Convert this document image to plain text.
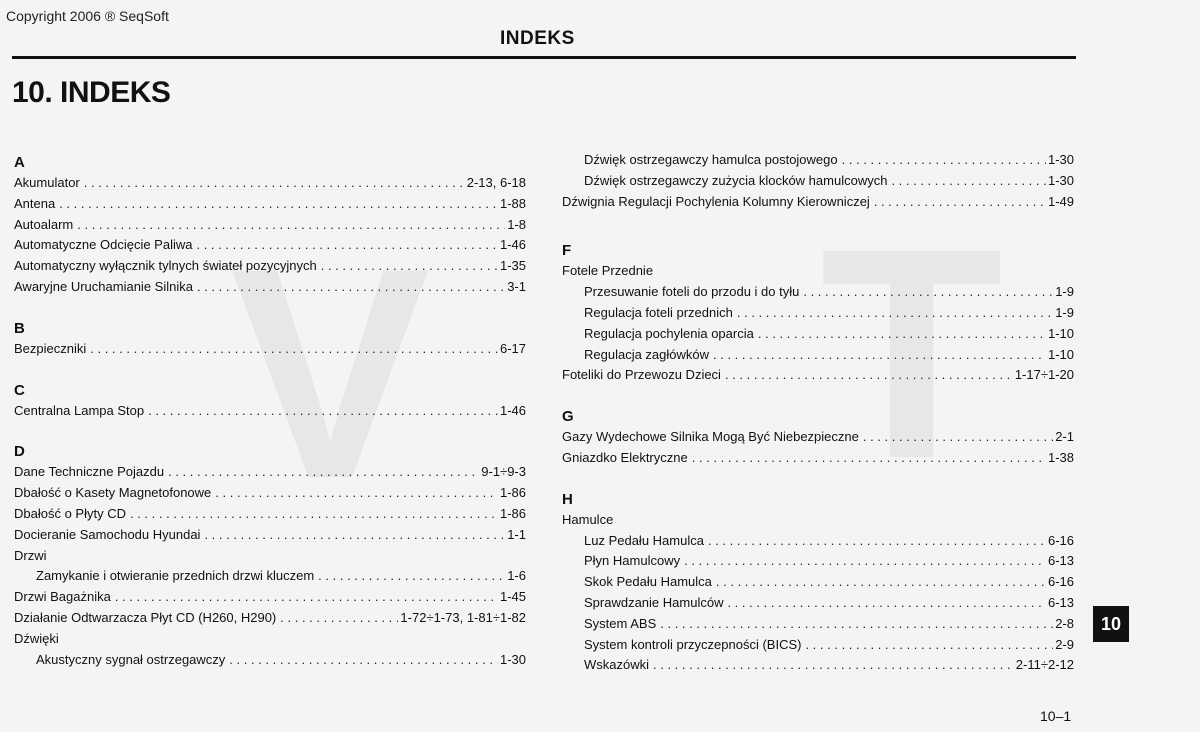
V T
Copyright 2006 ® SeqSoft
INDEKS
10. INDEKS
A
Akumulator . . .	2-13, 6-18
Antena . . .	1-88
Autoalarm . . .	1-8
Automatyczne Odcięcie Paliwa . . .	1-46
Automatyczny wyłącznik tylnych świateł pozycyjnych . . .	1-35
Awaryjne Uruchamianie Silnika . . .	3-1
B
Bezpieczniki . . .	6-17
C
Centralna Lampa Stop . . .	1-46
D
Dane Techniczne Pojazdu . . .	9-1÷9-3
Dbałość o Kasety Magnetofonowe . . .	1-86
Dbałość o Płyty CD . . .	1-86
Docieranie Samochodu Hyundai . . .	1-1
Drzwi
Zamykanie i otwieranie przednich drzwi kluczem . . .	1-6
Drzwi Bagażnika . . .	1-45
Działanie Odtwarzacza Płyt CD (H260, H290) . . .	1-72÷1-73, 1-81÷1-82
Dźwięki
Akustyczny sygnał ostrzegawczy . . .	1-30
Dźwięk ostrzegawczy hamulca postojowego . . .	1-30
Dźwięk ostrzegawczy zużycia klocków hamulcowych . . .	1-30
Dźwignia Regulacji Pochylenia Kolumny Kierowniczej . . .	1-49
F
Fotele Przednie
Przesuwanie foteli do przodu i do tyłu . . .	1-9
Regulacja foteli przednich . . .	1-9
Regulacja pochylenia oparcia . . .	1-10
Regulacja zagłówków . . .	1-10
Foteliki do Przewozu Dzieci . . .	1-17÷1-20
G
Gazy Wydechowe Silnika Mogą Być Niebezpieczne . . .	2-1
Gniazdko Elektryczne . . .	1-38
H
Hamulce
Luz Pedału Hamulca . . .	6-16
Płyn Hamulcowy . . .	6-13
Skok Pedału Hamulca . . .	6-16
Sprawdzanie Hamulców . . .	6-13
System ABS . . .	2-8
System kontroli przyczepności (BICS) . . .	2-9
Wskazówki . . .	2-11÷2-12
10
10–1
